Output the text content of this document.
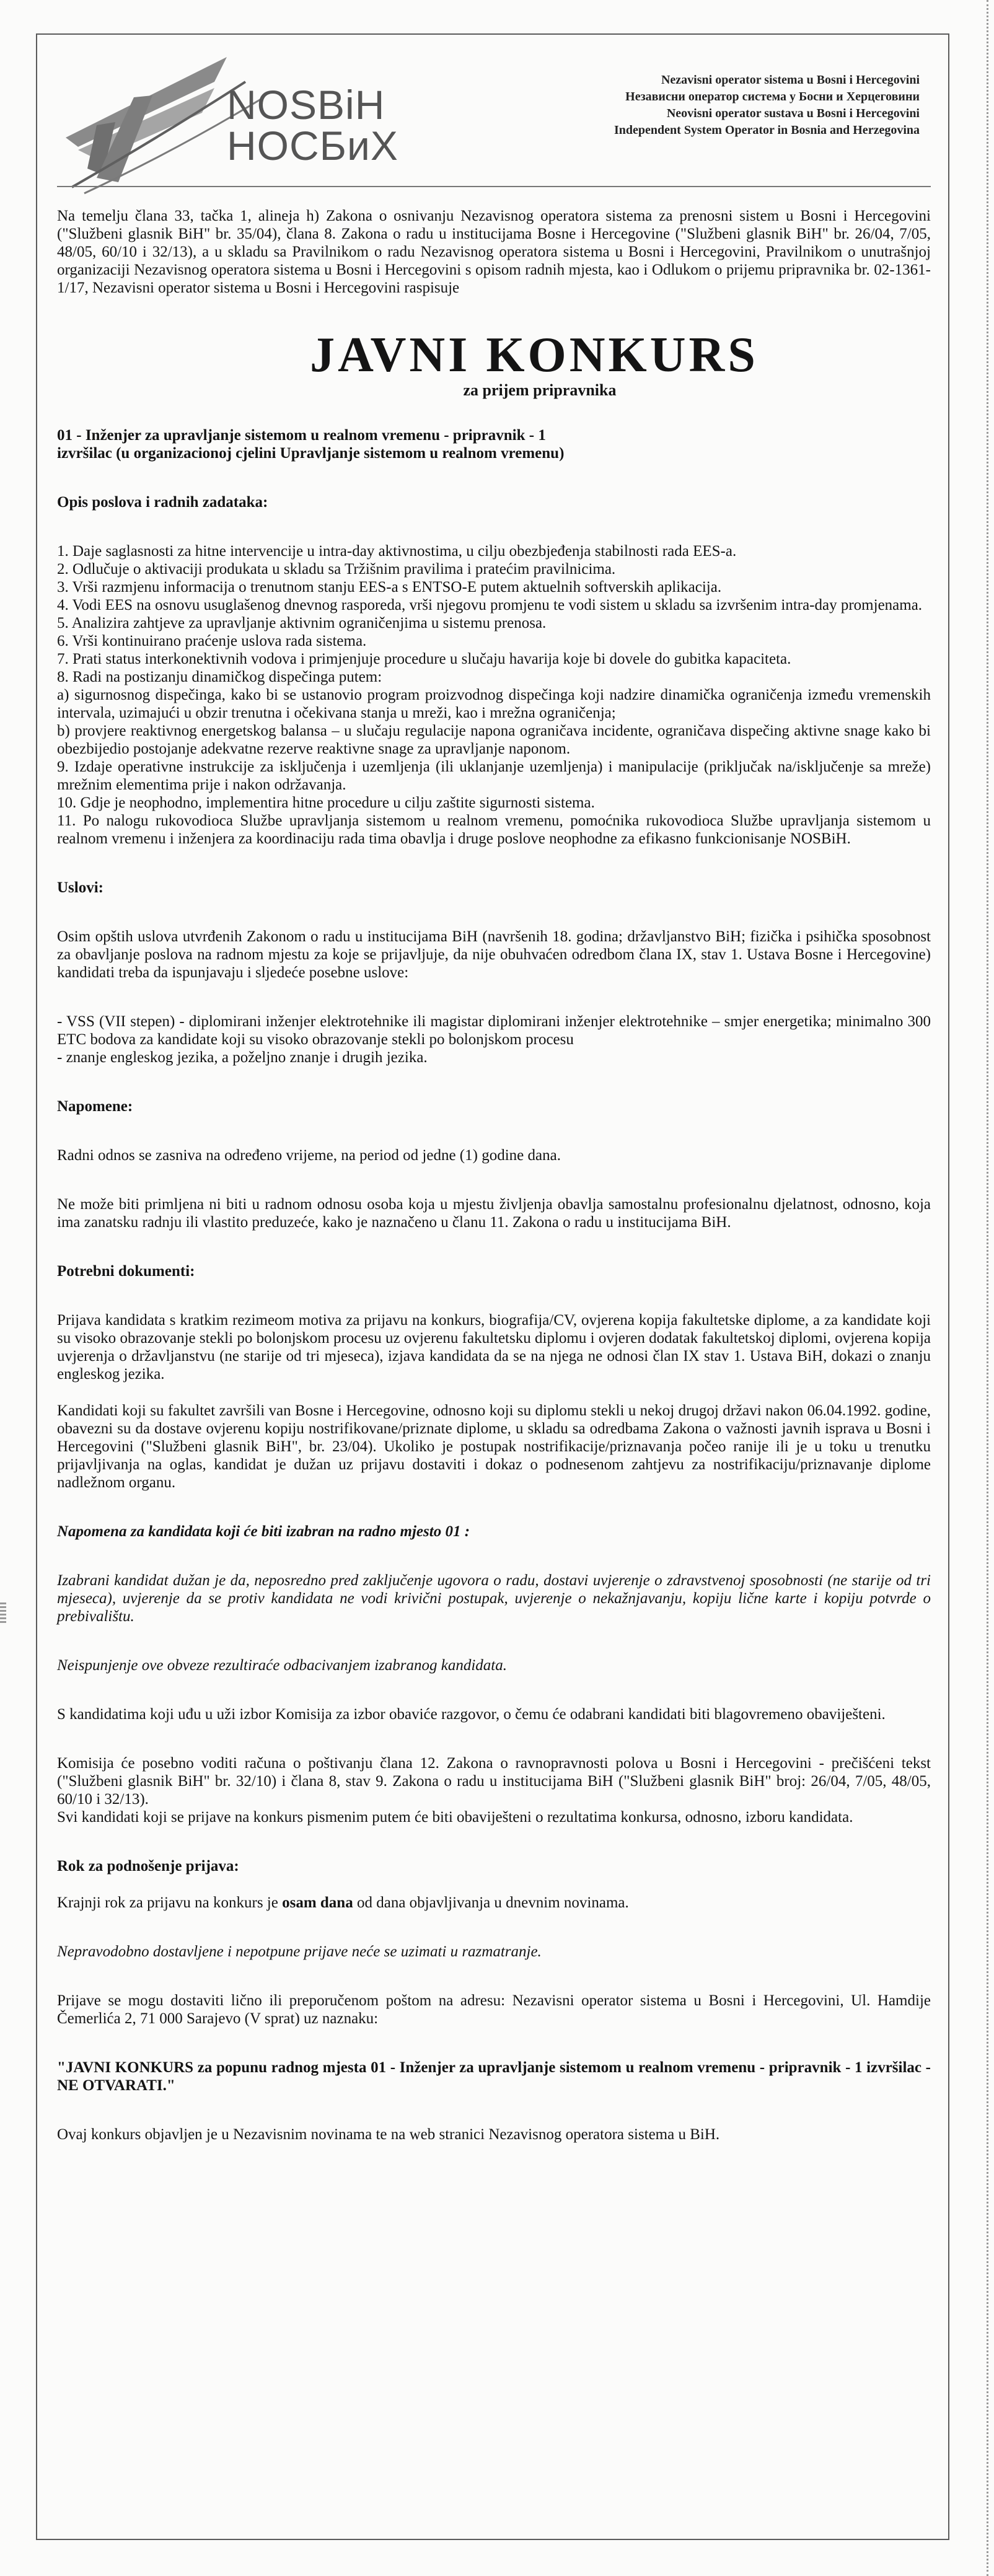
NOSBiH
НОСБиХ
Nezavisni operator sistema u Bosni i Hercegovini
Независни оператор система у Босни и Херцеговини
Neovisni operator sustava u Bosni i Hercegovini
Independent System Operator in Bosnia and Herzegovina

Na temelju člana 33, tačka 1, alineja h) Zakona o osnivanju Nezavisnog operatora sistema za prenosni sistem u Bosni i Hercegovini ("Službeni glasnik BiH" br. 35/04), člana 8. Zakona o radu u institucijama Bosne i Hercegovine ("Službeni glasnik BiH" br. 26/04, 7/05, 48/05, 60/10 i 32/13), a u skladu sa Pravilnikom o radu Nezavisnog operatora sistema u Bosni i Hercegovini, Pravilnikom o unutrašnjoj organizaciji Nezavisnog operatora sistema u Bosni i Hercegovini s opisom radnih mjesta, kao i Odlukom o prijemu pripravnika br. 02-1361-1/17, Nezavisni operator sistema u Bosni i Hercegovini raspisuje

JAVNI KONKURS
za prijem pripravnika

01 - Inženjer za upravljanje sistemom u realnom vremenu - pripravnik - 1

izvršilac (u organizacionoj cjelini Upravljanje sistemom u realnom vremenu)

Opis poslova i radnih zadataka:

1. Daje saglasnosti za hitne intervencije u intra-day aktivnostima, u cilju obezbjeđenja stabilnosti rada EES-a.

2. Odlučuje o aktivaciji produkata u skladu sa Tržišnim pravilima i pratećim pravilnicima.

3. Vrši razmjenu informacija o trenutnom stanju EES-a s ENTSO-E putem aktuelnih softverskih aplikacija.

4. Vodi EES na osnovu usuglašenog dnevnog rasporeda, vrši njegovu promjenu te vodi sistem u skladu sa izvršenim intra-day promjenama.

5. Analizira zahtjeve za upravljanje aktivnim ograničenjima u sistemu prenosa.

6. Vrši kontinuirano praćenje uslova rada sistema.

7. Prati status interkonektivnih vodova i primjenjuje procedure u slučaju havarija koje bi dovele do gubitka kapaciteta.

8. Radi na postizanju dinamičkog dispečinga putem:

a) sigurnosnog dispečinga, kako bi se ustanovio program proizvodnog dispečinga koji nadzire dinamička ograničenja između vremenskih intervala, uzimajući u obzir trenutna i očekivana stanja u mreži, kao i mrežna ograničenja;

b) provjere reaktivnog energetskog balansa – u slučaju regulacije napona ograničava incidente, ograničava dispečing aktivne snage kako bi obezbijedio postojanje adekvatne rezerve reaktivne snage za upravljanje naponom.

9. Izdaje operativne instrukcije za isključenja i uzemljenja (ili uklanjanje uzemljenja) i manipulacije (priključak na/isključenje sa mreže) mrežnim elementima prije i nakon održavanja.

10. Gdje je neophodno, implementira hitne procedure u cilju zaštite sigurnosti sistema.

11. Po nalogu rukovodioca Službe upravljanja sistemom u realnom vremenu, pomoćnika rukovodioca Službe upravljanja sistemom u realnom vremenu i inženjera za koordinaciju rada tima obavlja i druge poslove neophodne za efikasno funkcionisanje NOSBiH.

Uslovi:

Osim opštih uslova utvrđenih Zakonom o radu u institucijama BiH (navršenih 18. godina; državljanstvo BiH; fizička i psihička sposobnost za obavljanje poslova na radnom mjestu za koje se prijavljuje, da nije obuhvaćen odredbom člana IX, stav 1. Ustava Bosne i Hercegovine) kandidati treba da ispunjavaju i sljedeće posebne uslove:

- VSS (VII stepen) - diplomirani inženjer elektrotehnike ili magistar diplomirani inženjer elektrotehnike – smjer energetika; minimalno 300 ETC bodova za kandidate koji su visoko obrazovanje stekli po bolonjskom procesu

- znanje engleskog jezika, a poželjno znanje i drugih jezika.

Napomene:

Radni odnos se zasniva na određeno vrijeme, na period od jedne (1) godine dana.

Ne može biti primljena ni biti u radnom odnosu osoba koja u mjestu življenja obavlja samostalnu profesionalnu djelatnost, odnosno, koja ima zanatsku radnju ili vlastito preduzeće, kako je naznačeno u članu 11. Zakona o radu u institucijama BiH.

Potrebni dokumenti:

Prijava kandidata s kratkim rezimeom motiva za prijavu na konkurs, biografija/CV, ovjerena kopija fakultetske diplome, a za kandidate koji su visoko obrazovanje stekli po bolonjskom procesu uz ovjerenu fakultetsku diplomu i ovjeren dodatak fakultetskoj diplomi, ovjerena kopija uvjerenja o državljanstvu (ne starije od tri mjeseca), izjava kandidata da se na njega ne odnosi član IX stav 1. Ustava BiH, dokazi o znanju engleskog jezika.

Kandidati koji su fakultet završili van Bosne i Hercegovine, odnosno koji su diplomu stekli u nekoj drugoj državi nakon 06.04.1992. godine, obavezni su da dostave ovjerenu kopiju nostrifikovane/priznate diplome, u skladu sa odredbama Zakona o važnosti javnih isprava u Bosni i Hercegovini ("Službeni glasnik BiH", br. 23/04). Ukoliko je postupak nostrifikacije/priznavanja počeo ranije ili je u toku u trenutku prijavljivanja na oglas, kandidat je dužan uz prijavu dostaviti i dokaz o podnesenom zahtjevu za nostrifikaciju/priznavanje diplome nadležnom organu.

Napomena za kandidata koji će biti izabran na radno mjesto 01 :

Izabrani kandidat dužan je da, neposredno pred zaključenje ugovora o radu, dostavi uvjerenje o zdravstvenoj sposobnosti (ne starije od tri mjeseca), uvjerenje da se protiv kandidata ne vodi krivični postupak, uvjerenje o nekažnjavanju, kopiju lične karte i kopiju potvrde o prebivalištu.

Neispunjenje ove obveze rezultiraće odbacivanjem izabranog kandidata.

S kandidatima koji uđu u uži izbor Komisija za izbor obaviće razgovor, o čemu će odabrani kandidati biti blagovremeno obaviješteni.

Komisija će posebno voditi računa o poštivanju člana 12. Zakona o ravnopravnosti polova u Bosni i Hercegovini - prečišćeni tekst ("Službeni glasnik BiH" br. 32/10) i člana 8, stav 9. Zakona o radu u institucijama BiH ("Službeni glasnik BiH" broj: 26/04, 7/05, 48/05, 60/10 i 32/13).

Svi kandidati koji se prijave na konkurs pismenim putem će biti obaviješteni o rezultatima konkursa, odnosno, izboru kandidata.

Rok za podnošenje prijava:

Krajnji rok za prijavu na konkurs je osam dana od dana objavljivanja u dnevnim novinama.

Nepravodobno dostavljene i nepotpune prijave neće se uzimati u razmatranje.

Prijave se mogu dostaviti lično ili preporučenom poštom na adresu: Nezavisni operator sistema u Bosni i Hercegovini, Ul. Hamdije Čemerlića 2, 71 000 Sarajevo (V sprat) uz naznaku:

"JAVNI KONKURS za popunu radnog mjesta 01 - Inženjer za upravljanje sistemom u realnom vremenu - pripravnik - 1 izvršilac - NE OTVARATI."

Ovaj konkurs objavljen je u Nezavisnim novinama te na web stranici Nezavisnog operatora sistema u BiH.
